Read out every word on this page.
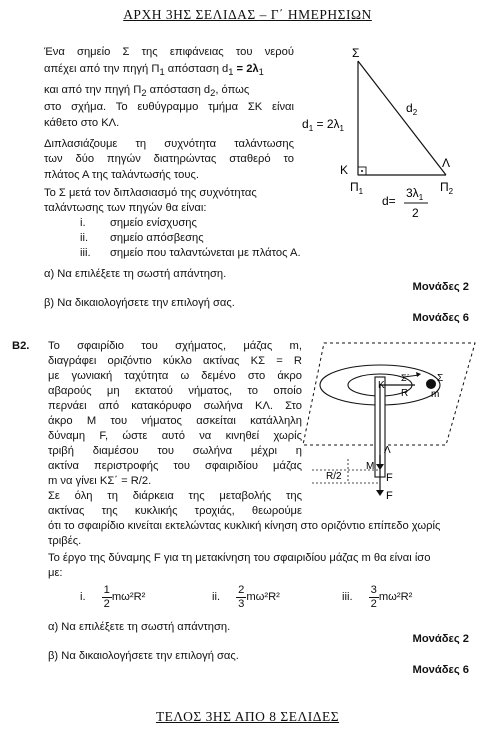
ΑΡΧΗ 3ΗΣ ΣΕΛΙΔΑΣ – Γ΄ ΗΜΕΡΗΣΙΩΝ
Ένα σημείο Σ της επιφάνειας του νερού
απέχει από την πηγή $\Pi_1$ απόσταση $d_1 = 2\lambda_1$
και από την πηγή $\Pi_2$ απόσταση $d_2$, όπως
στο σχήμα. Το ευθύγραμμο τμήμα ΣΚ είναι
κάθετο στο ΚΛ.
Διπλασιάζουμε τη συχνότητα ταλάντωσης
των δύο πηγών διατηρώντας σταθερό το
πλάτος Α της ταλάντωσής τους.
Το Σ μετά τον διπλασιασμό της συχνότητας
ταλάντωσης των πηγών θα είναι:
i. σημείο ενίσχυσης
ii. σημείο απόσβεσης
iii. σημείο που ταλαντώνεται με πλάτος Α.
α) Να επιλέξετε τη σωστή απάντηση.
Μονάδες 2
β) Να δικαιολογήσετε την επιλογή σας.
Μονάδες 6
Σ
$d_2$
$d_1 = 2\lambda_1$
Κ	Λ
$\Pi_1$	$\Pi_2$
d=
$3\lambda_1$
2
Β2. Το σφαιρίδιο του σχήματος, μάζας m,
διαγράφει οριζόντιο κύκλο ακτίνας ΚΣ = R
με γωνιακή ταχύτητα ω δεμένο στο άκρο
αβαρούς μη εκτατού νήματος, το οποίο
περνάει από κατακόρυφο σωλήνα ΚΛ. Στο
άκρο Μ του νήματος ασκείται κατάλληλη
δύναμη F, ώστε αυτό να κινηθεί χωρίς
τριβή διαμέσου του σωλήνα μέχρι η
ακτίνα περιστροφής του σφαιριδίου μάζας
m να γίνει ΚΣ΄ = R/2.
Σε όλη τη διάρκεια της μεταβολής της
ακτίνας της κυκλικής τροχιάς, θεωρούμε
ότι το σφαιρίδιο κινείται εκτελώντας κυκλική κίνηση στο οριζόντιο επίπεδο χωρίς
τριβές.
Το έργο της δύναμης F για τη μετακίνηση του σφαιριδίου μάζας m θα είναι ίσο
με:
i. $\frac{1}{2} m\omega^2R^2$	ii. $\frac{2}{3} m\omega^2R^2$	iii. $\frac{3}{2} m\omega^2R^2$
α) Να επιλέξετε τη σωστή απάντηση.
Μονάδες 2
β) Να δικαιολογήσετε την επιλογή σας.
Μονάδες 6
Κ
Σ΄	Σ
R m
Λ
Μ
R/2	F
F
ΤΕΛΟΣ 3ΗΣ ΑΠΟ 8 ΣΕΛΙΔΕΣ
